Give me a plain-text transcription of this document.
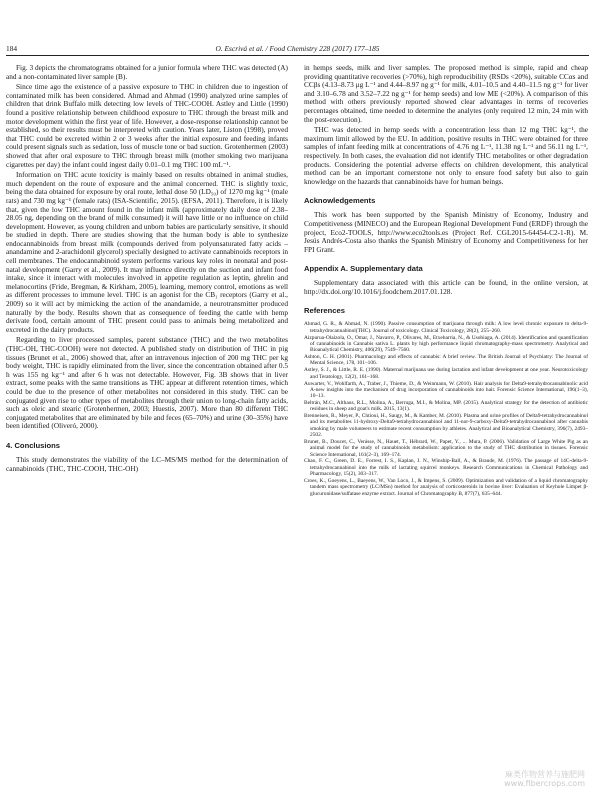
184	O. Escrivá et al. / Food Chemistry 228 (2017) 177–185

Fig. 3 depicts the chromatograms obtained for a junior formula where THC was detected (A) and a non-contaminated liver sample (B).

Since time ago the existence of a passive exposure to THC in children due to ingestion of contaminated milk has been considered. Ahmad and Ahmad (1990) analyzed urine samples of children that drink Buffalo milk detecting low levels of THC-COOH. Astley and Little (1990) found a positive relationship between childhood exposure to THC through the breast milk and motor development within the first year of life. However, a dose-response relationship cannot be established, so their results must be interpreted with caution. Years later, Liston (1998), proved that THC could be excreted within 2 or 3 weeks after the initial exposure and feeding infants could present signals such as sedation, loss of muscle tone or bad suction. Grotenhermen (2003) showed that after oral exposure to THC through breast milk (mother smoking two marijuana cigarettes per day) the infant could ingest daily 0.01–0.1 mg THC 100 mL⁻¹.

Information on THC acute toxicity is mainly based on results obtained in animal studies, much dependent on the route of exposure and the animal concerned. THC is slightly toxic, being the data obtained for exposure by oral route, lethal dose 50 (LD₅₀) of 1270 mg kg⁻¹ (male rats) and 730 mg kg⁻¹ (female rats) (ISA-Scientific, 2015). (EFSA, 2011). Therefore, it is likely that, given the low THC amount found in the infant milk (approximately daily dose of 2.38–28.05 ng, depending on the brand of milk consumed) it will have little or no influence on child development. However, as young children and unborn babies are particularly sensitive, it should be studied in depth. There are studies showing that the human body is able to synthesize endocannabinoids from breast milk (compounds derived from polyunsaturated fatty acids – anandamine and 2-arachidonil glycerol) specially designed to activate cannabinoids receptors in cell membranes. The endocannabinoid system performs various key roles in neonatal and post-natal development (Garry et al., 2009). It may influence directly on the suction and infant food intake, since it interact with molecules involved in appetite regulation as leptin, ghrelin and melanocortins (Fride, Bregman, & Kirkham, 2005), learning, memory control, emotions as well as different processes to immune level. THC is an agonist for the CB₁ receptors (Garry et al., 2009) so it will act by mimicking the action of the anandamide, a neurotransmitter produced naturally by the body. Results shown that as consequence of feeding the cattle with hemp derivate food, certain amount of THC present could pass to animals being metabolized and excreted in the dairy products.

Regarding to liver processed samples, parent substance (THC) and the two metabolites (THC-OH, THC-COOH) were not detected. A published study on distribution of THC in pig tissues (Brunet et al., 2006) showed that, after an intravenous injection of 200 mg THC per kg body weight, THC is rapidly eliminated from the liver, since the concentration obtained after 0.5 h was 155 ng kg⁻¹ and after 6 h was not detectable. However, Fig. 3B shows that in liver extract, some peaks with the same transitions as THC appear at different retention times, which could be due to the presence of other metabolites not considered in this study. THC can be conjugated given rise to other types of metabolites through their union to long-chain fatty acids, such as oleic and stearic (Grotenhermen, 2003; Huestis, 2007). More than 80 different THC conjugated metabolites that are eliminated by bile and feces (65–70%) and urine (30–35%) have been identified (Oliveró, 2000).

4. Conclusions

This study demonstrates the viability of the LC–MS/MS method for the determination of cannabinoids (THC, THC-COOH, THC-OH)

in hemps seeds, milk and liver samples. The proposed method is simple, rapid and cheap providing quantitative recoveries (>70%), high reproducibility (RSDs <20%), suitable CCαs and CCβs (4.13–8.73 μg L⁻¹ and 4.44–8.97 ng g⁻¹ for milk, 4.01–10.5 and 4.40–11.5 ng g⁻¹ for liver and 3.10–6.78 and 3.52–7.22 ng g⁻¹ for hemp seeds) and low ME (<20%). A comparison of this method with others previously reported showed clear advantages in terms of recoveries percentages obtained, time needed to determine the analytes (only required 12 min, 24 min with the post-execution).

THC was detected in hemp seeds with a concentration less than 12 mg THC kg⁻¹, the maximum limit allowed by the EU. In addition, positive results in THC were obtained for three samples of infant feeding milk at concentrations of 4.76 ng L⁻¹, 11.38 ng L⁻¹ and 56.11 ng L⁻¹, respectively. In both cases, the evaluation did not identify THC metabolites or other degradation products. Considering the potential adverse effects on children development, this analytical method can be an important cornerstone not only to ensure food safety but also to gain knowledge on the hazards that cannabinoids have for human beings.

Acknowledgements

This work has been supported by the Spanish Ministry of Economy, Industry and Competitiveness (MINECO) and the European Regional Development Fund (ERDF) through the project, Eco2-TOOLS, http://www.eco2tools.es (Project Ref. CGL2015-64454-C2-1-R). M. Jesús Andrés-Costa also thanks the Spanish Ministry of Economy and Competitiveness for her FPI Grant.

Appendix A. Supplementary data

Supplementary data associated with this article can be found, in the online version, at http://dx.doi.org/10.1016/j.foodchem.2017.01.128.

References
Ahmad, G. R., & Ahmad, N. (1990). Passive consumption of marijuana through milk: A low level chronic exposure to delta-9-tetrahydrocannabinol(THC). Journal of toxicology. Clinical Toxicology, 28(2), 255–260.
Aizpurua-Olaizola, O., Omar, J., Navarro, P., Olivares, M., Etxebarria, N., & Usobiaga, A. (2014). Identification and quantification of cannabinoids in Cannabis sativa L. plants by high performance liquid chromatography-mass spectrometry. Analytical and Bioanalytical Chemistry, 406(29), 7549–7560.
Ashton, C. H. (2001). Pharmacology and effects of cannabis: A brief review. The British Journal of Psychiatry: The Journal of Mental Science, 178, 101–106.
Astley, S. J., & Little, R. E. (1990). Maternal marijuana use during lactation and infant development at one year. Neurotoxicology and Teratology, 12(2), 161–168.
Auwarter, V., Wohlfarth, A., Traber, J., Thieme, D., & Weinmann, W. (2010). Hair analysis for Delta9-tetrahydrocannabinolic acid A-new insights into the mechanism of drug incorporation of cannabinoids into hair. Forensic Science International, 196(1–3), 10–13.
Beltrán, M.C., Althaus, R.L., Molina, A., Berruga, M.I., & Molina, MP. (2015). Analytical strategy for the detection of antibiotic residues in sheep and goat's milk. 2015, 13(1).
Brenneisen, R., Meyer, P., Chtioui, H., Saugy, M., & Kamber, M. (2010). Plasma and urine profiles of Delta9-tetrahydrocannabinol and its metabolites 11-hydroxy-Delta9-tetrahydrocannabinol and 11-nor-9-carboxy-Delta9-tetrahydrocannabinol after cannabis smoking by male volunteers to estimate recent consumption by athletes. Analytical and Bioanalytical Chemistry, 396(7), 2493–2502.
Brunet, B., Doucet, C., Venisse, N., Hauet, T., Hébrard, W., Papet, Y., ... Mura, P. (2006). Validation of Large White Pig as an animal model for the study of cannabinoids metabolism: application to the study of THC distribution in tissues. Forensic Science International, 161(2–3), 169–174.
Chao, F. C., Green, D. E., Forrest, I. S., Kaplan, J. N., Winship-Ball, A., & Braude, M. (1976). The passage of 14C-delta-9-tetrahydrocannabinol into the milk of lactating squirrel monkeys. Research Communications in Chemical Pathology and Pharmacology, 15(2), 303–317.
Croes, K., Goeyens, L., Baeyens, W., Van Loco, J., & Impens, S. (2009). Optimization and validation of a liquid chromatography tandem mass spectrometry (LC/MSn) method for analysis of corticosteroids in bovine liver: Evaluation of Keyhole Limpet β-glucuronidase/sulfatase enzyme extract. Journal of Chromatography B, 877(7), 635–644.
麻类作物营养与施肥网
www.fibercrops.com
